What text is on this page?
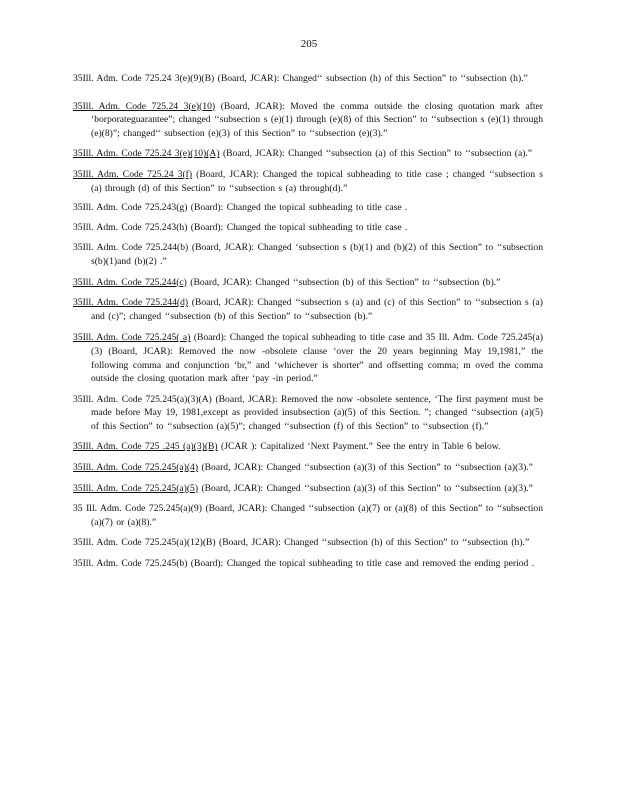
205

35Ill. Adm. Code 725.24 3(e)(9)(B) (Board, JCAR): Changed‘‘ subsection (h) of this Section” to ‘‘subsection (h).”

35Ill. Adm. Code 725.24 3(e)(10) (Board, JCAR): Moved the comma outside the closing quotation mark after ‘borporateguarantee”; changed ‘‘subsection s (e)(1) through (e)(8) of this Section” to ‘‘subsection s (e)(1) through (e)(8)”; changed‘‘ subsection (e)(3) of this Section” to ‘‘subsection (e)(3).”

35Ill. Adm. Code 725.24 3(e)(10)(A) (Board, JCAR): Changed ‘‘subsection (a) of this Section” to ‘‘subsection (a).”

35Ill. Adm. Code 725.24 3(f) (Board, JCAR): Changed the topical subheading to title case ; changed ‘‘subsection s (a) through (d) of this Section” to ‘‘subsection s (a) through(d).”

35Ill. Adm. Code 725.243(g) (Board): Changed the topical subheading to title case .

35Ill. Adm. Code 725.243(h) (Board): Changed the topical subheading to title case .

35Ill. Adm. Code 725.244(b) (Board, JCAR): Changed ‘subsection s (b)(1) and (b)(2) of this Section” to ‘‘subsection s(b)(1)and (b)(2) .”

35Ill. Adm. Code 725.244(c) (Board, JCAR): Changed ‘‘subsection (b) of this Section” to ‘‘subsection (b).”

35Ill. Adm. Code 725.244(d) (Board, JCAR): Changed ‘‘subsection s (a) and (c) of this Section” to ‘‘subsection s (a) and (c)”; changed ‘‘subsection (b) of this Section” to ‘‘subsection (b).”

35Ill. Adm. Code 725.245( a) (Board): Changed the topical subheading to title case and 35 Ill. Adm. Code 725.245(a)(3) (Board, JCAR): Removed the now -obsolete clause ‘over the 20 years beginning May 19,1981,” the following comma and conjunction ‘br,” and ‘whichever is shorter” and offsetting comma; m oved the comma outside the closing quotation mark after ‘pay -in period.”

35Ill. Adm. Code 725.245(a)(3)(A) (Board, JCAR): Removed the now -obsolete sentence, ‘The first payment must be made before May 19, 1981,except as provided insubsection (a)(5) of this Section. ”; changed ‘‘subsection (a)(5) of this Section” to ‘‘subsection (a)(5)”; changed ‘‘subsection (f) of this Section” to ‘‘subsection (f).”

35Ill. Adm. Code 725 .245 (a)(3)(B) (JCAR ): Capitalized ‘Next Payment.” See the entry in Table 6 below.

35Ill. Adm. Code 725.245(a)(4) (Board, JCAR): Changed ‘‘subsection (a)(3) of this Section” to ‘‘subsection (a)(3).”

35Ill. Adm. Code 725.245(a)(5) (Board, JCAR): Changed ‘‘subsection (a)(3) of this Section” to ‘‘subsection (a)(3).”

35 Ill. Adm. Code 725.245(a)(9) (Board, JCAR): Changed ‘‘subsection (a)(7) or (a)(8) of this Section” to ‘‘subsection (a)(7) or (a)(8).”

35Ill. Adm. Code 725.245(a)(12)(B) (Board, JCAR): Changed ‘‘subsection (h) of this Section” to ‘‘subsection (h).”

35Ill. Adm. Code 725.245(b) (Board): Changed the topical subheading to title case and removed the ending period .
